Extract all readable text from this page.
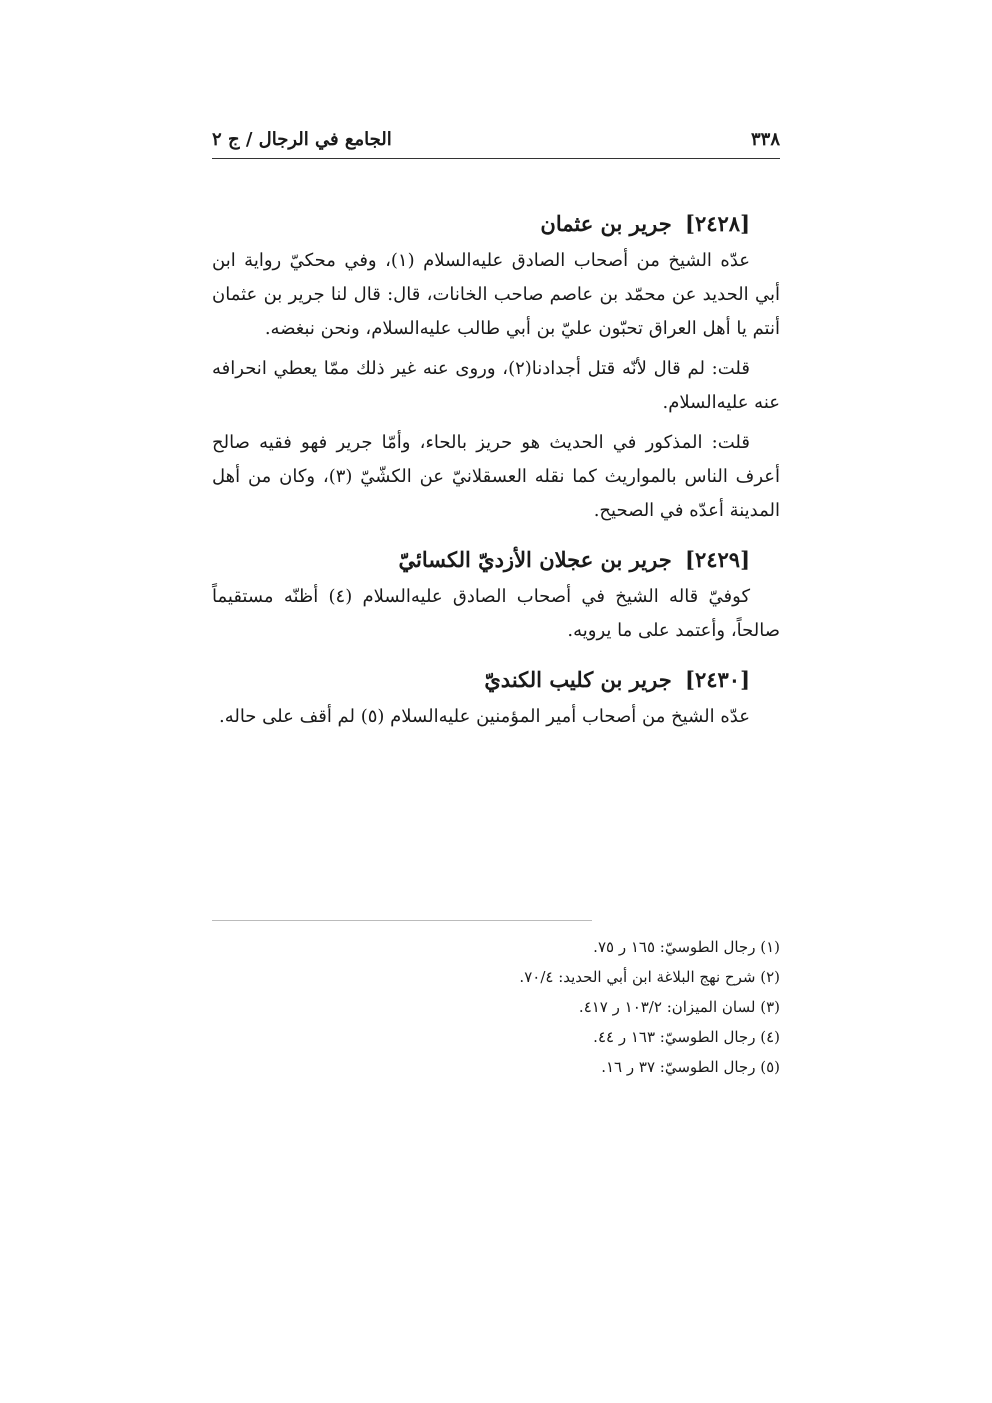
٣٣٨
الجامع في الرجال / ج ٢
[٢٤٢٨] جرير بن عثمان

عدّه الشيخ من أصحاب الصادق عليه‌السلام (١)، وفي محكيّ رواية ابن أبي الحديد عن محمّد بن عاصم صاحب الخانات، قال: قال لنا جرير بن عثمان أنتم يا أهل العراق تحبّون عليّ بن أبي طالب عليه‌السلام، ونحن نبغضه.

قلت: لم قال لأنّه قتل أجدادنا(٢)، وروى عنه غير ذلك ممّا يعطي انحرافه عنه عليه‌السلام.

قلت: المذكور في الحديث هو حريز بالحاء، وأمّا جرير فهو فقيه صالح أعرف الناس بالمواريث كما نقله العسقلانيّ عن الكشّيّ (٣)، وكان من أهل المدينة أعدّه في الصحيح.

[٢٤٢٩] جرير بن عجلان الأزديّ الكسائيّ

كوفيّ قاله الشيخ في أصحاب الصادق عليه‌السلام (٤) أظنّه مستقيماً صالحاً، وأعتمد على ما يرويه.

[٢٤٣٠] جرير بن كليب الكنديّ

عدّه الشيخ من أصحاب أمير المؤمنين عليه‌السلام (٥) لم أقف على حاله.

(١) رجال الطوسيّ: ١٦٥ ر ٧٥.

(٢) شرح نهج البلاغة ابن أبي الحديد: ٧٠/٤.

(٣) لسان الميزان: ١٠٣/٢ ر ٤١٧.

(٤) رجال الطوسيّ: ١٦٣ ر ٤٤.

(٥) رجال الطوسيّ: ٣٧ ر ١٦.
